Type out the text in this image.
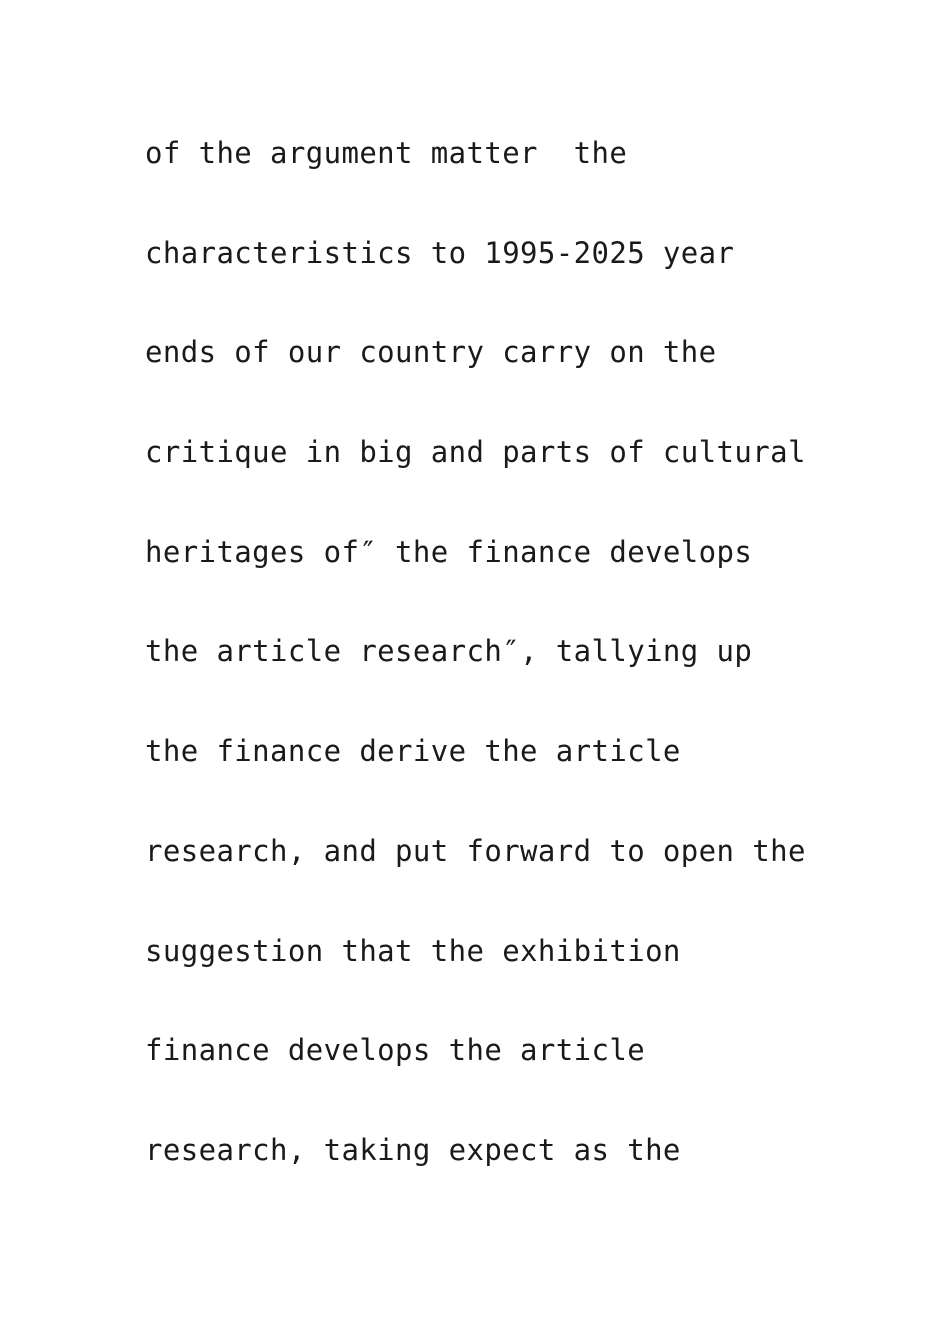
of the argument matter  the
characteristics to 1995-2025 year
ends of our country carry on the
critique in big and parts of cultural
heritages of″ the finance develops
the article research″, tallying up
the finance derive the article
research, and put forward to open the
suggestion that the exhibition
finance develops the article
research, taking expect as the
